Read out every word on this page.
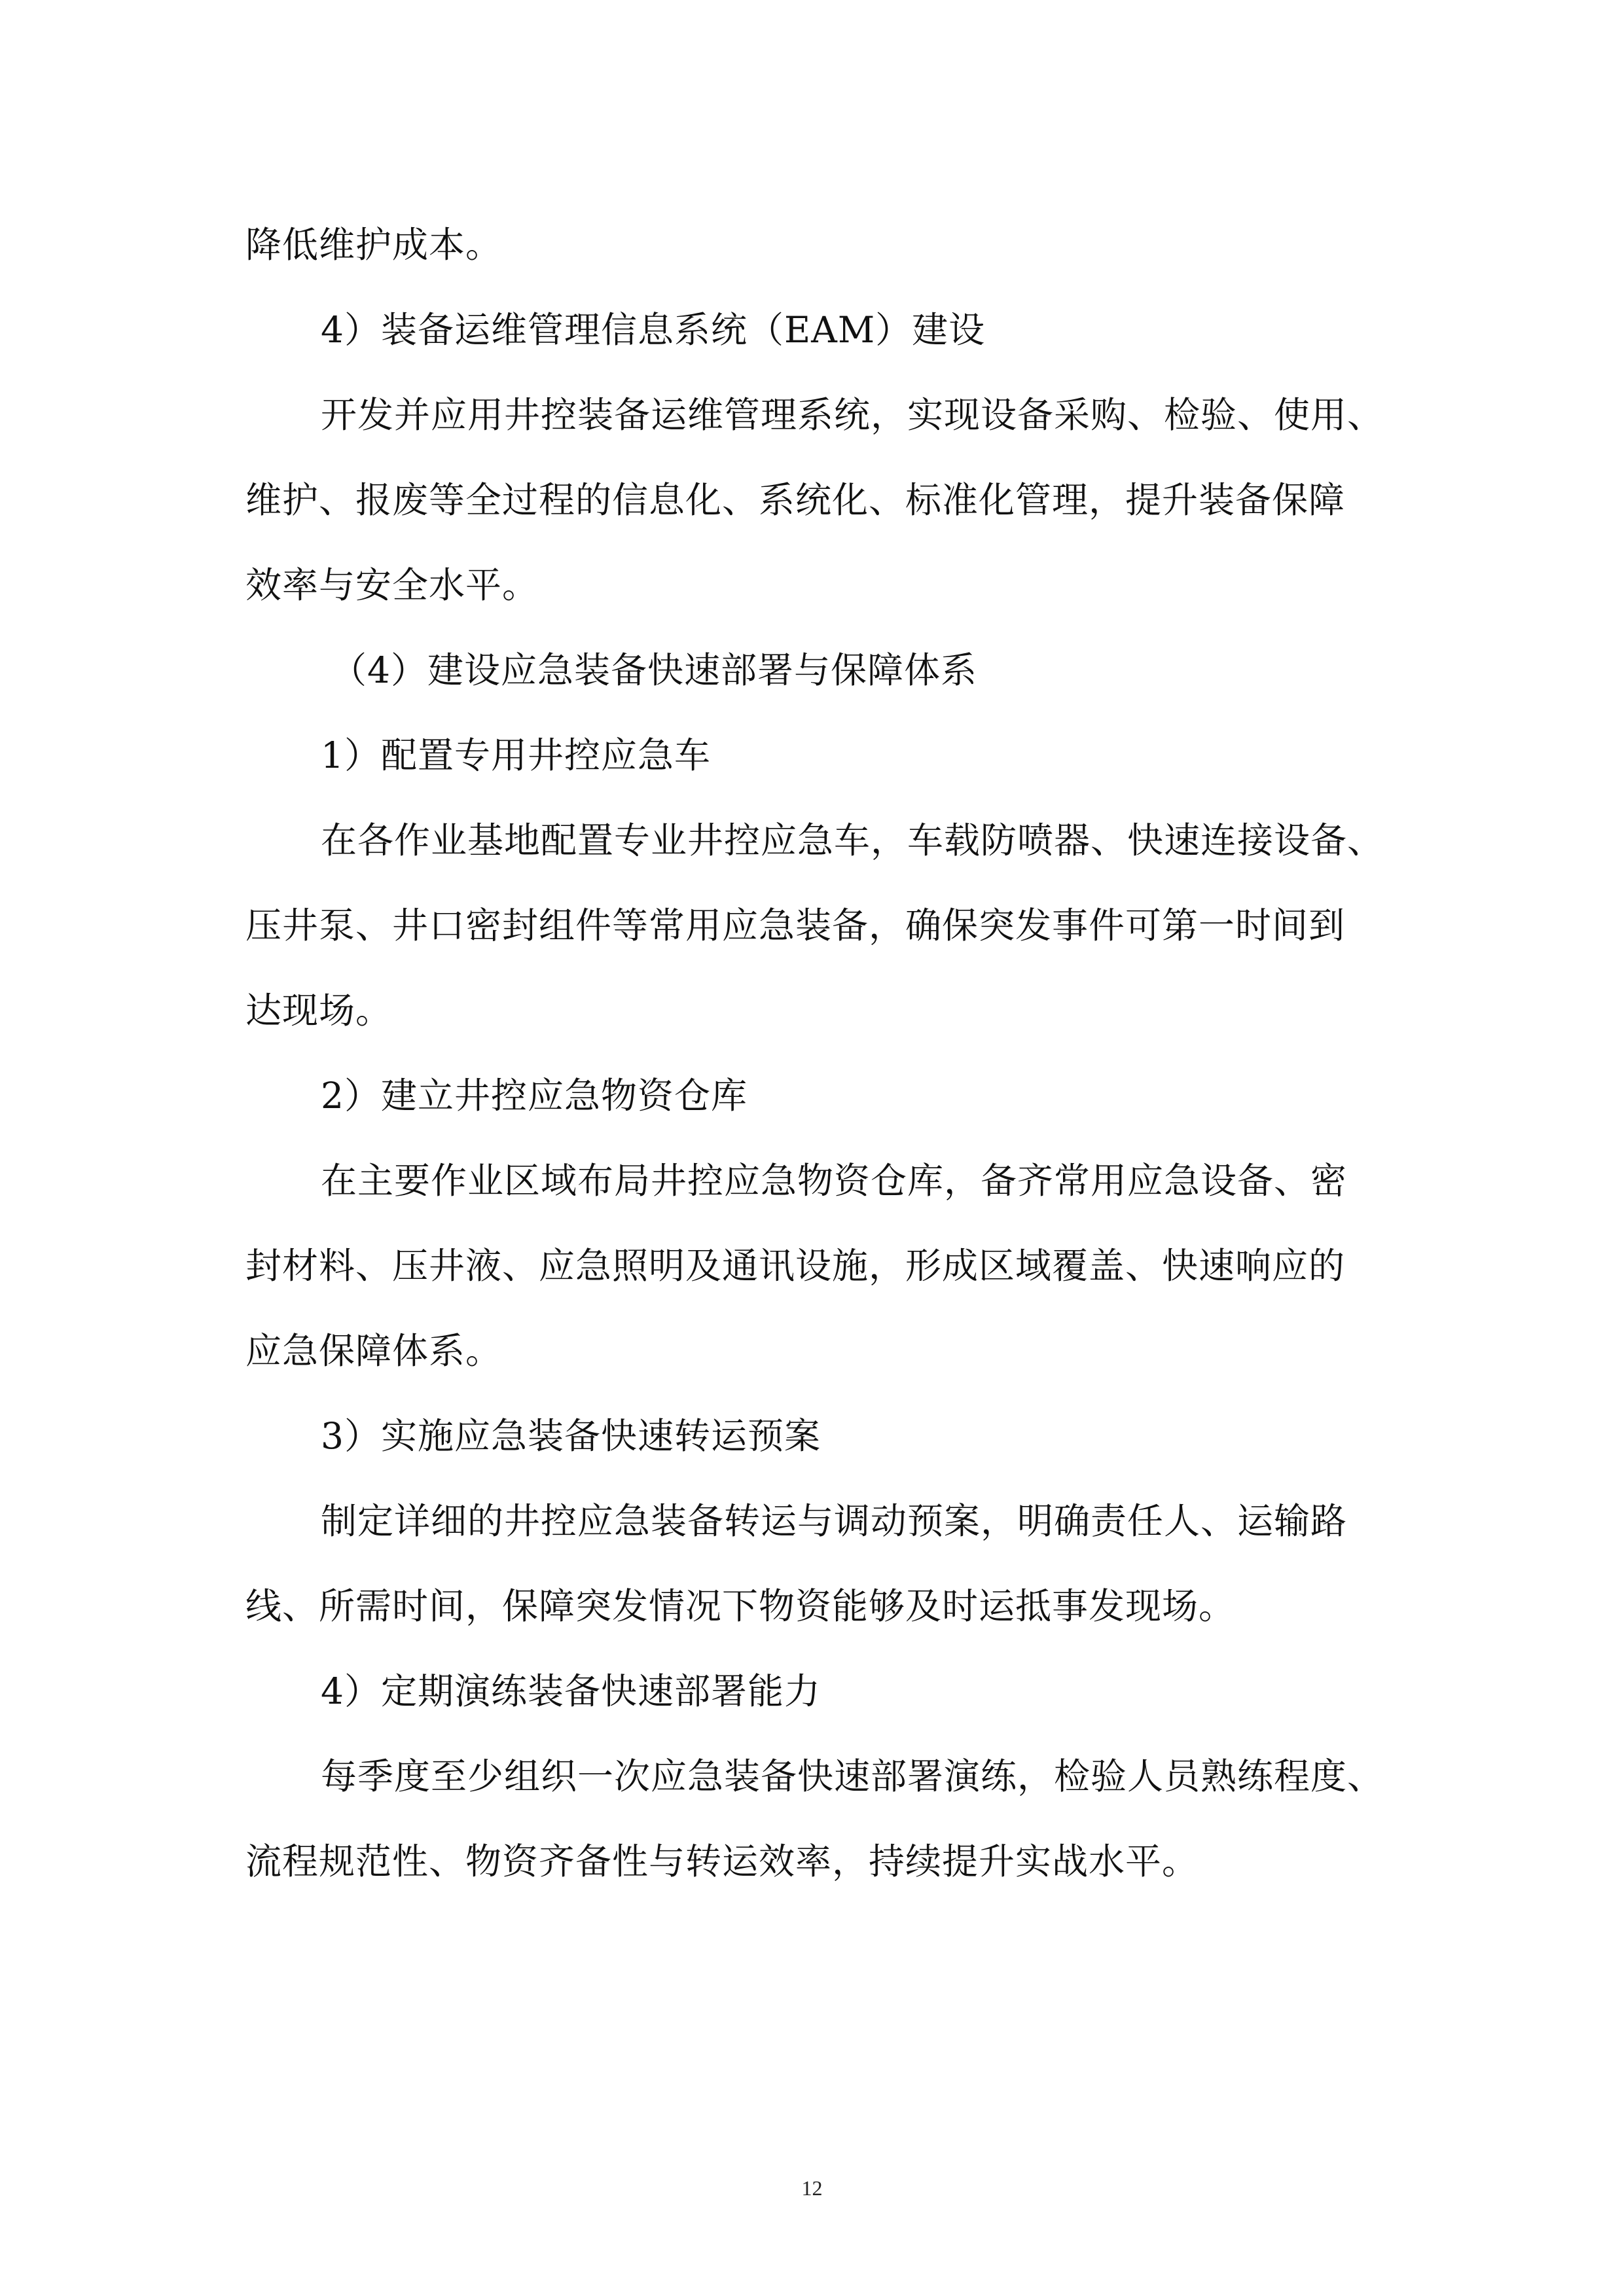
降低维护成本。
4）装备运维管理信息系统（EAM）建设
开发并应用井控装备运维管理系统，实现设备采购、检验、使用、
维护、报废等全过程的信息化、系统化、标准化管理，提升装备保障
效率与安全水平。
（4）建设应急装备快速部署与保障体系
1）配置专用井控应急车
在各作业基地配置专业井控应急车，车载防喷器、快速连接设备、
压井泵、井口密封组件等常用应急装备，确保突发事件可第一时间到
达现场。
2）建立井控应急物资仓库
在主要作业区域布局井控应急物资仓库，备齐常用应急设备、密
封材料、压井液、应急照明及通讯设施，形成区域覆盖、快速响应的
应急保障体系。
3）实施应急装备快速转运预案
制定详细的井控应急装备转运与调动预案，明确责任人、运输路
线、所需时间，保障突发情况下物资能够及时运抵事发现场。
4）定期演练装备快速部署能力
每季度至少组织一次应急装备快速部署演练，检验人员熟练程度、
流程规范性、物资齐备性与转运效率，持续提升实战水平。
12
